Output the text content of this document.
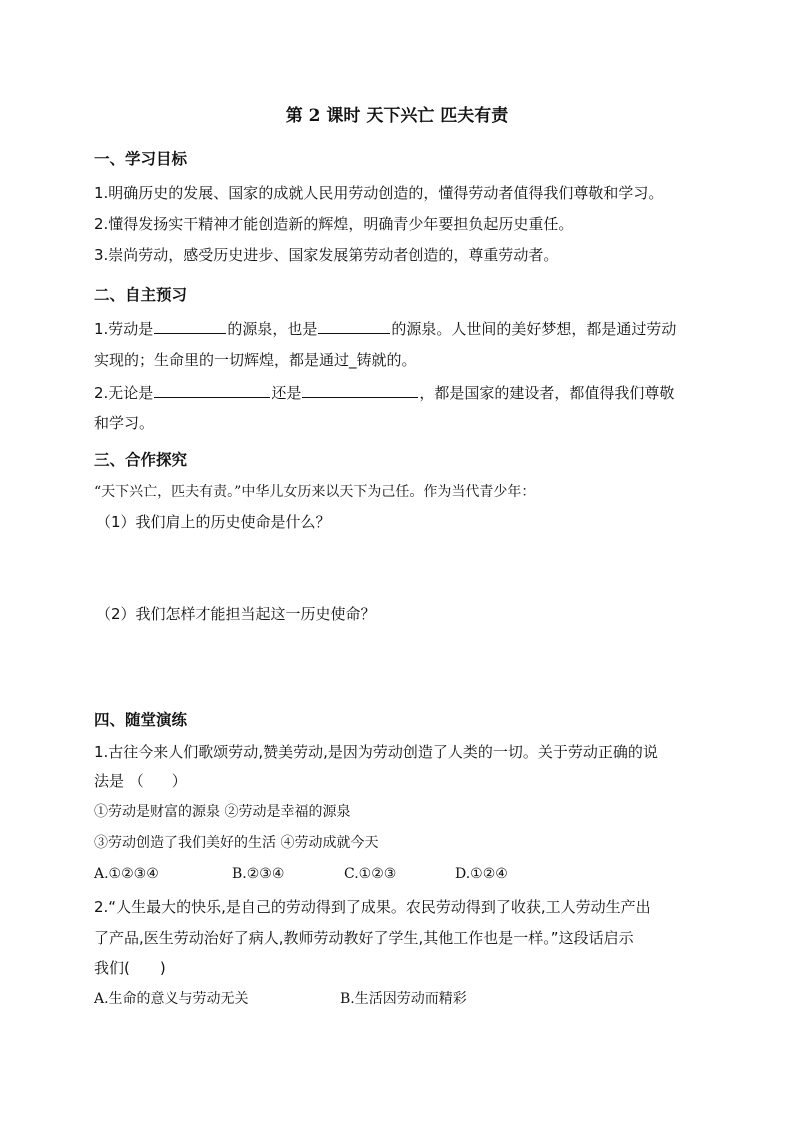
第 2 课时 天下兴亡 匹夫有责
一、学习目标
1.明确历史的发展、国家的成就人民用劳动创造的，懂得劳动者值得我们尊敬和学习。
2.懂得发扬实干精神才能创造新的辉煌，明确青少年要担负起历史重任。
3.崇尚劳动，感受历史进步、国家发展第劳动者创造的，尊重劳动者。
二、自主预习
1.劳动是	的源泉，也是	的源泉。人世间的美好梦想，都是通过劳动
实现的；生命里的一切辉煌，都是通过_铸就的。
2.无论是	还是	，都是国家的建设者，都值得我们尊敬
和学习。
三、合作探究
“天下兴亡，匹夫有责。”中华儿女历来以天下为己任。作为当代青少年：
（1）我们肩上的历史使命是什么？
（2）我们怎样才能担当起这一历史使命？
四、随堂演练
1.古往今来人们歌颂劳动,赞美劳动,是因为劳动创造了人类的一切。关于劳动正确的说
法是 （ ）
①劳动是财富的源泉 ②劳动是幸福的源泉
③劳动创造了我们美好的生活 ④劳动成就今天
A.①②③④	B.②③④	C.①②③	D.①②④
2.“人生最大的快乐,是自己的劳动得到了成果。农民劳动得到了收获,工人劳动生产出
了产品,医生劳动治好了病人,教师劳动教好了学生,其他工作也是一样。”这段话启示
我们(　　)
A.生命的意义与劳动无关	B.生活因劳动而精彩
